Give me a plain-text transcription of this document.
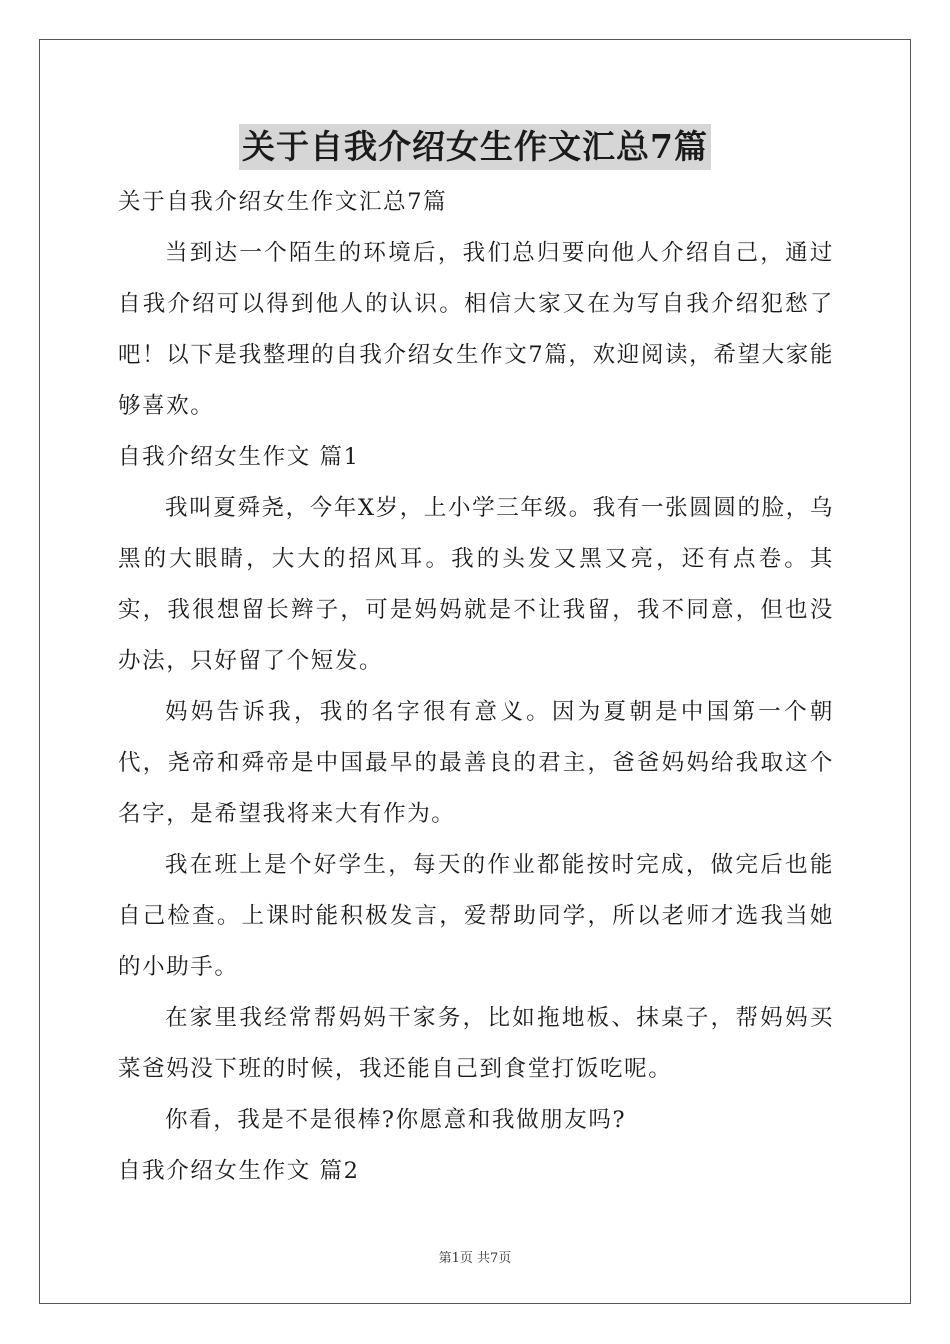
关于自我介绍女生作文汇总7篇

关于自我介绍女生作文汇总7篇

当到达一个陌生的环境后，我们总归要向他人介绍自己，通过自我介绍可以得到他人的认识。相信大家又在为写自我介绍犯愁了吧！以下是我整理的自我介绍女生作文7篇，欢迎阅读，希望大家能够喜欢。

自我介绍女生作文 篇1

我叫夏舜尧，今年X岁，上小学三年级。我有一张圆圆的脸，乌黑的大眼睛，大大的招风耳。我的头发又黑又亮，还有点卷。其实，我很想留长辫子，可是妈妈就是不让我留，我不同意，但也没办法，只好留了个短发。

妈妈告诉我，我的名字很有意义。因为夏朝是中国第一个朝代，尧帝和舜帝是中国最早的最善良的君主，爸爸妈妈给我取这个名字，是希望我将来大有作为。

我在班上是个好学生，每天的作业都能按时完成，做完后也能自己检查。上课时能积极发言，爱帮助同学，所以老师才选我当她的小助手。

在家里我经常帮妈妈干家务，比如拖地板、抹桌子，帮妈妈买菜爸妈没下班的时候，我还能自己到食堂打饭吃呢。

你看，我是不是很棒?你愿意和我做朋友吗?

自我介绍女生作文 篇2

第1页 共7页
